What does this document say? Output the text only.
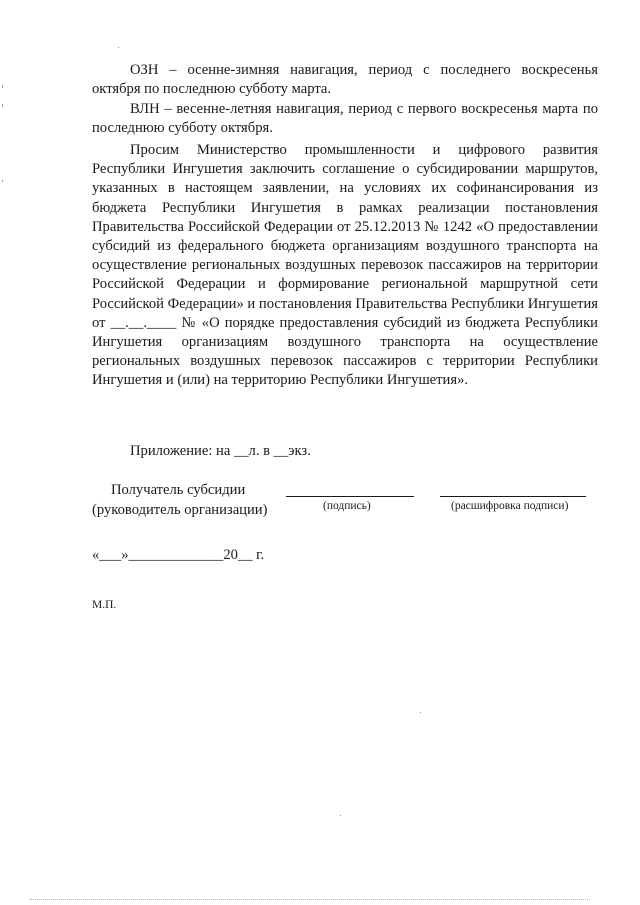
ОЗН – осенне-зимняя навигация, период с последнего воскресенья октября по последнюю субботу марта.

ВЛН – весенне-летняя навигация, период с первого воскресенья марта по последнюю субботу октября.

Просим Министерство промышленности и цифрового развития Республики Ингушетия заключить соглашение о субсидировании маршрутов, указанных в настоящем заявлении, на условиях их софинансирования из бюджета Республики Ингушетия в рамках реализации постановления Правительства Российской Федерации от 25.12.2013 № 1242 «О предоставлении субсидий из федерального бюджета организациям воздушного транспорта на осуществление региональных воздушных перевозок пассажиров на территории Российской Федерации и формирование региональной маршрутной сети Российской Федерации» и постановления Правительства Республики Ингушетия от __.__.____ № «О порядке предоставления субсидий из бюджета Республики Ингушетия организациям воздушного транспорта на осуществление региональных воздушных перевозок пассажиров с территории Республики Ингушетия и (или) на территорию Республики Ингушетия».

Приложение: на __л. в __экз.
Получатель субсидии
(руководитель организации)	(подпись)	(расшифровка подписи)
«___»_____________20__ г.
М.П.
